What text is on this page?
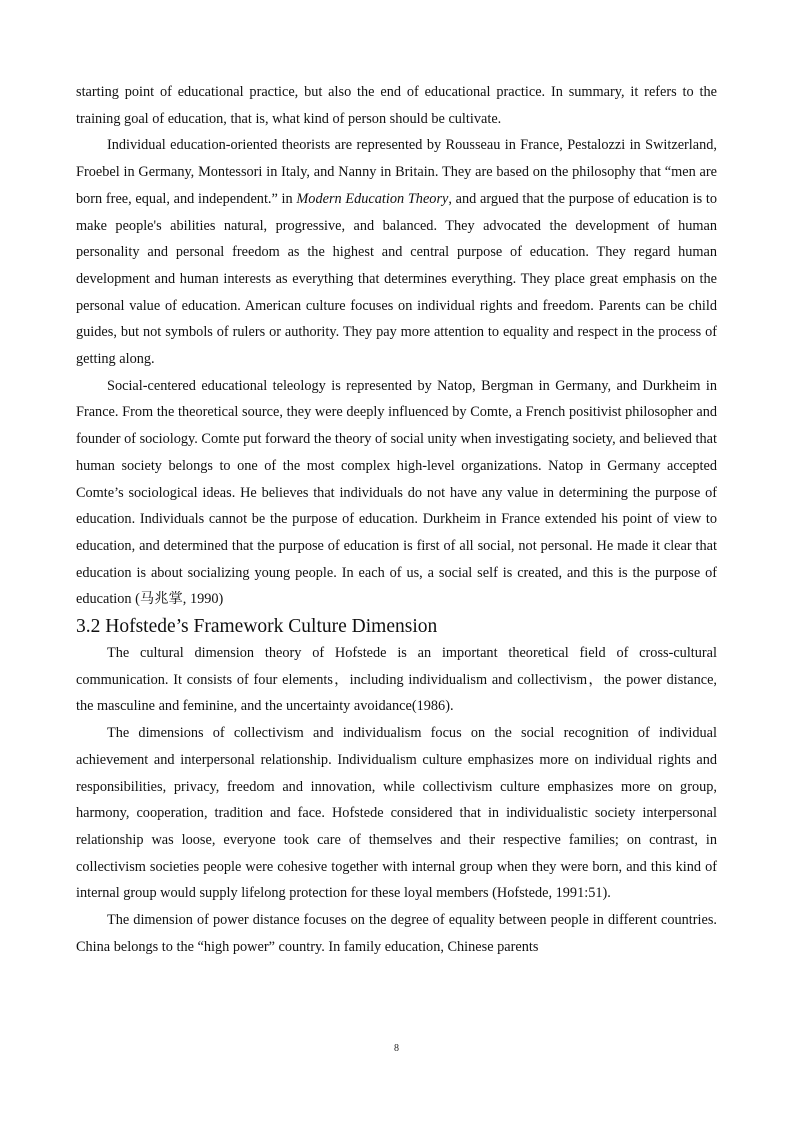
starting point of educational practice, but also the end of educational practice. In summary, it refers to the training goal of education, that is, what kind of person should be cultivate.

Individual education-oriented theorists are represented by Rousseau in France, Pestalozzi in Switzerland, Froebel in Germany, Montessori in Italy, and Nanny in Britain. They are based on the philosophy that “men are born free, equal, and independent.” in Modern Education Theory, and argued that the purpose of education is to make people's abilities natural, progressive, and balanced. They advocated the development of human personality and personal freedom as the highest and central purpose of education. They regard human development and human interests as everything that determines everything. They place great emphasis on the personal value of education. American culture focuses on individual rights and freedom. Parents can be child guides, but not symbols of rulers or authority. They pay more attention to equality and respect in the process of getting along.

Social-centered educational teleology is represented by Natop, Bergman in Germany, and Durkheim in France. From the theoretical source, they were deeply influenced by Comte, a French positivist philosopher and founder of sociology. Comte put forward the theory of social unity when investigating society, and believed that human society belongs to one of the most complex high-level organizations. Natop in Germany accepted Comte’s sociological ideas. He believes that individuals do not have any value in determining the purpose of education. Individuals cannot be the purpose of education. Durkheim in France extended his point of view to education, and determined that the purpose of education is first of all social, not personal. He made it clear that education is about socializing young people. In each of us, a social self is created, and this is the purpose of education (马兆掌, 1990)

3.2 Hofstede’s Framework Culture Dimension

The cultural dimension theory of Hofstede is an important theoretical field of cross-cultural communication. It consists of four elements，including individualism and collectivism，the power distance, the masculine and feminine, and the uncertainty avoidance(1986).

The dimensions of collectivism and individualism focus on the social recognition of individual achievement and interpersonal relationship. Individualism culture emphasizes more on individual rights and responsibilities, privacy, freedom and innovation, while collectivism culture emphasizes more on group, harmony, cooperation, tradition and face. Hofstede considered that in individualistic society interpersonal relationship was loose, everyone took care of themselves and their respective families; on contrast, in collectivism societies people were cohesive together with internal group when they were born, and this kind of internal group would supply lifelong protection for these loyal members (Hofstede, 1991:51).

The dimension of power distance focuses on the degree of equality between people in different countries. China belongs to the “high power” country. In family education, Chinese parents

8
